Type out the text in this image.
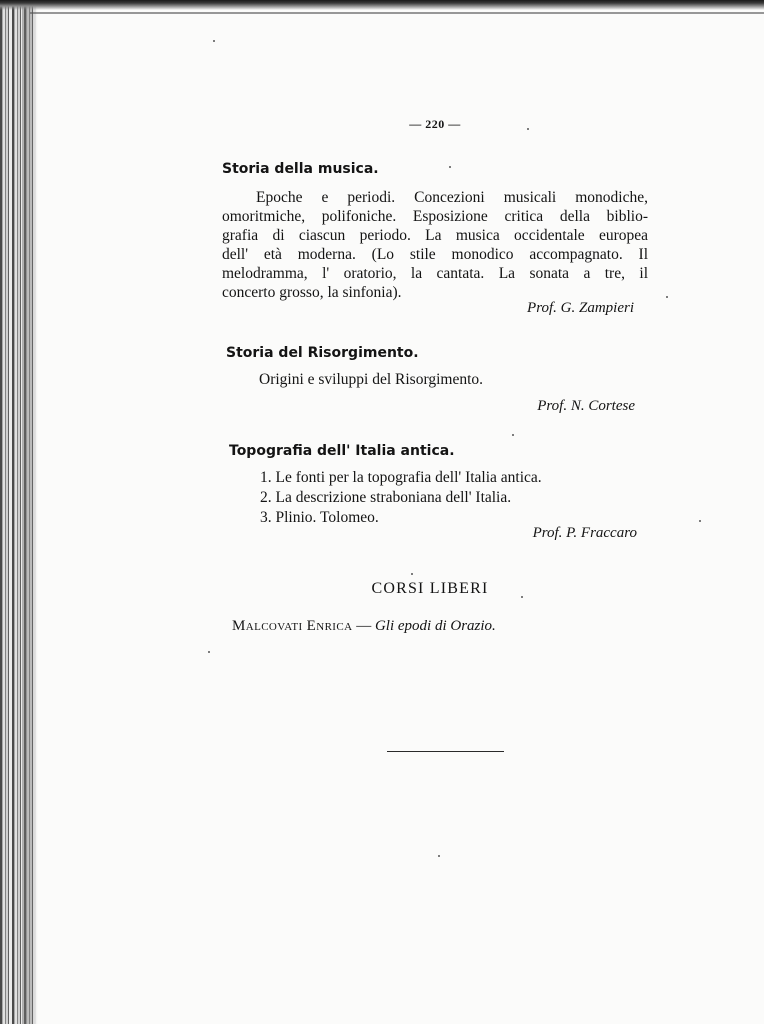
— 220 —
Storia della musica.
Epoche e periodi. Concezioni musicali monodiche,
omoritmiche, polifoniche. Esposizione critica della biblio-
grafia di ciascun periodo. La musica occidentale europea
dell' età moderna. (Lo stile monodico accompagnato. Il
melodramma, l' oratorio, la cantata. La sonata a tre, il
concerto grosso, la sinfonia).
Prof. G. Zampieri
Storia del Risorgimento.
Origini e sviluppi del Risorgimento.
Prof. N. Cortese
Topografia dell' Italia antica.
1. Le fonti per la topografia dell' Italia antica.
2. La descrizione straboniana dell' Italia.
3. Plinio. Tolomeo.
Prof. P. Fraccaro
CORSI LIBERI
Malcovati Enrica — Gli epodi di Orazio.
